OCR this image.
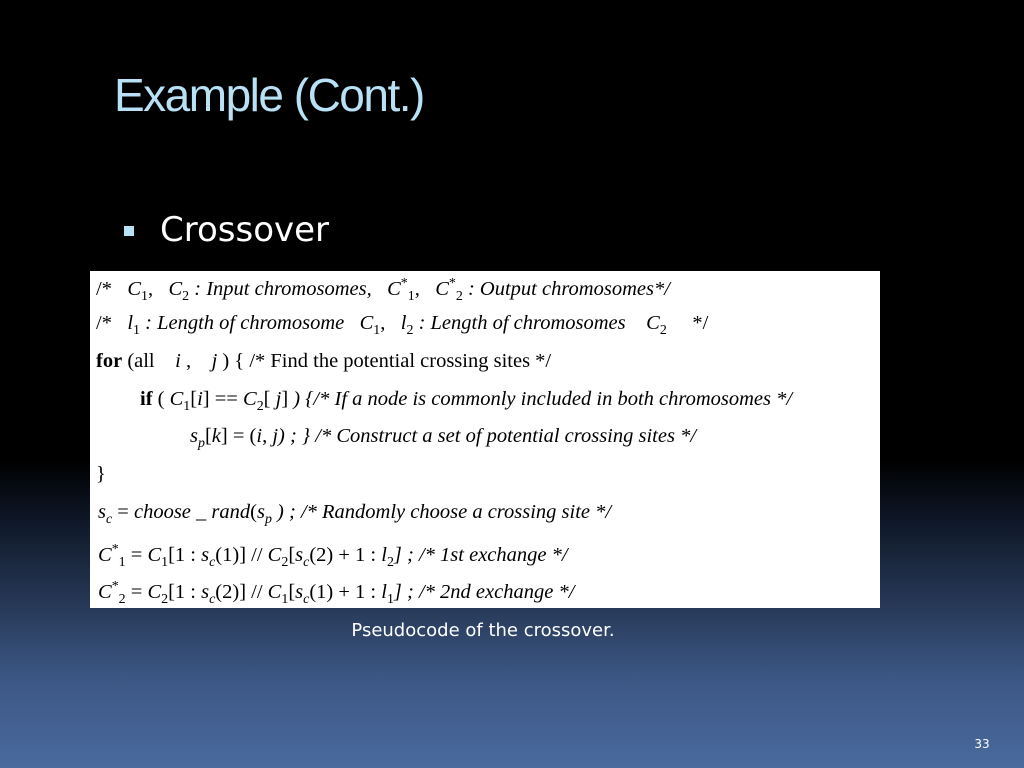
Example (Cont.)
Crossover
/* $C_1$, $C_2$ : Input chromosomes, $C^*_1$, $C^*_2$ : Output chromosomes*/
/* $l_1$ : Length of chromosome $C_1$, $l_2$ : Length of chromosomes $C_2$ */
for (all i , j ) { /* Find the potential crossing sites */
if ( $C_1[i] == C_2$[ j] ) {/* If a node is commonly included in both chromosomes */
$s_p[k] = (i$, j) ; } /* Construct a set of potential crossing sites */
}
$s_c$ = choose _ $rand(s_p$ ) ; /* Randomly choose a crossing site */
$C^*_1 = C_1[1$ : $s_c(1)] // C_2[s_c(2) + 1$ : $l_2$] ; /* 1st exchange */
$C^*_2 = C_2[1$ : $s_c(2)] // C_1[s_c(1) + 1$ : $l_1$] ; /* 2nd exchange */
Pseudocode of the crossover.
33
